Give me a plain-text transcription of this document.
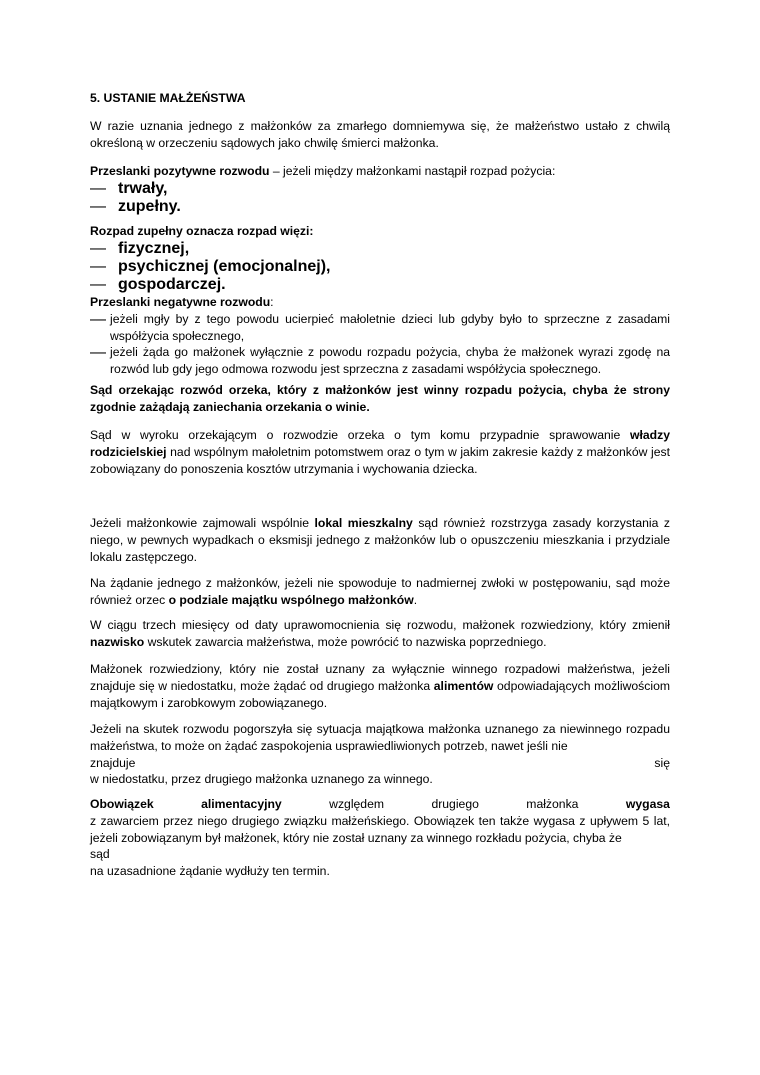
5. USTANIE MAŁŻEŃSTWA

W razie uznania jednego z małżonków za zmarłego domniemywa się, że małżeństwo ustało z chwilą określoną w orzeczeniu sądowych jako chwilę śmierci małżonka.

Przeslanki pozytywne rozwodu – jeżeli między małżonkami nastąpił rozpad pożycia:

— trwały,
— zupełny.

Rozpad zupełny oznacza rozpad więzi:

— fizycznej,
— psychicznej (emocjonalnej),
— gospodarczej.

Przeslanki negatywne rozwodu:

— jeżeli mgły by z tego powodu ucierpieć małoletnie dzieci lub gdyby było to sprzeczne z zasadami współżycia społecznego,

— jeżeli żąda go małżonek wyłącznie z powodu rozpadu pożycia, chyba że małżonek wyrazi zgodę na rozwód lub gdy jego odmowa rozwodu jest sprzeczna z zasadami współżycia społecznego.

Sąd orzekając rozwód orzeka, który z małżonków jest winny rozpadu pożycia, chyba że strony zgodnie zażądają zaniechania orzekania o winie.

Sąd w wyroku orzekającym o rozwodzie orzeka o tym komu przypadnie sprawowanie władzy rodzicielskiej nad wspólnym małoletnim potomstwem oraz o tym w jakim zakresie każdy z małżonków jest zobowiązany do ponoszenia kosztów utrzymania i wychowania dziecka.

Jeżeli małżonkowie zajmowali wspólnie lokal mieszkalny sąd również rozstrzyga zasady korzystania z niego, w pewnych wypadkach o eksmisji jednego z małżonków lub o opuszczeniu mieszkania i przydziale lokalu zastępczego.

Na żądanie jednego z małżonków, jeżeli nie spowoduje to nadmiernej zwłoki w postępowaniu, sąd może również orzec o podziale majątku wspólnego małżonków.

W ciągu trzech miesięcy od daty uprawomocnienia się rozwodu, małżonek rozwiedziony, który zmienił nazwisko wskutek zawarcia małżeństwa, może powrócić to nazwiska poprzedniego.

Małżonek rozwiedziony, który nie został uznany za wyłącznie winnego rozpadowi małżeństwa, jeżeli znajduje się w niedostatku, może żądać od drugiego małżonka alimentów odpowiadających możliwościom majątkowym i zarobkowym zobowiązanego.

Jeżeli na skutek rozwodu pogorszyła się sytuacja majątkowa małżonka uznanego za niewinnego rozpadu małżeństwa, to może on żądać zaspokojenia usprawiedliwionych potrzeb, nawet jeśli nie

znajduje	się

w niedostatku, przez drugiego małżonka uznanego za winnego.

Obowiązek	alimentacyjny	względem	drugiego	małżonka	wygasa

z zawarciem przez niego drugiego związku małżeńskiego. Obowiązek ten także wygasa z upływem 5 lat, jeżeli zobowiązanym był małżonek, który nie został uznany za winnego rozkładu pożycia, chyba że

sąd

na uzasadnione żądanie wydłuży ten termin.
